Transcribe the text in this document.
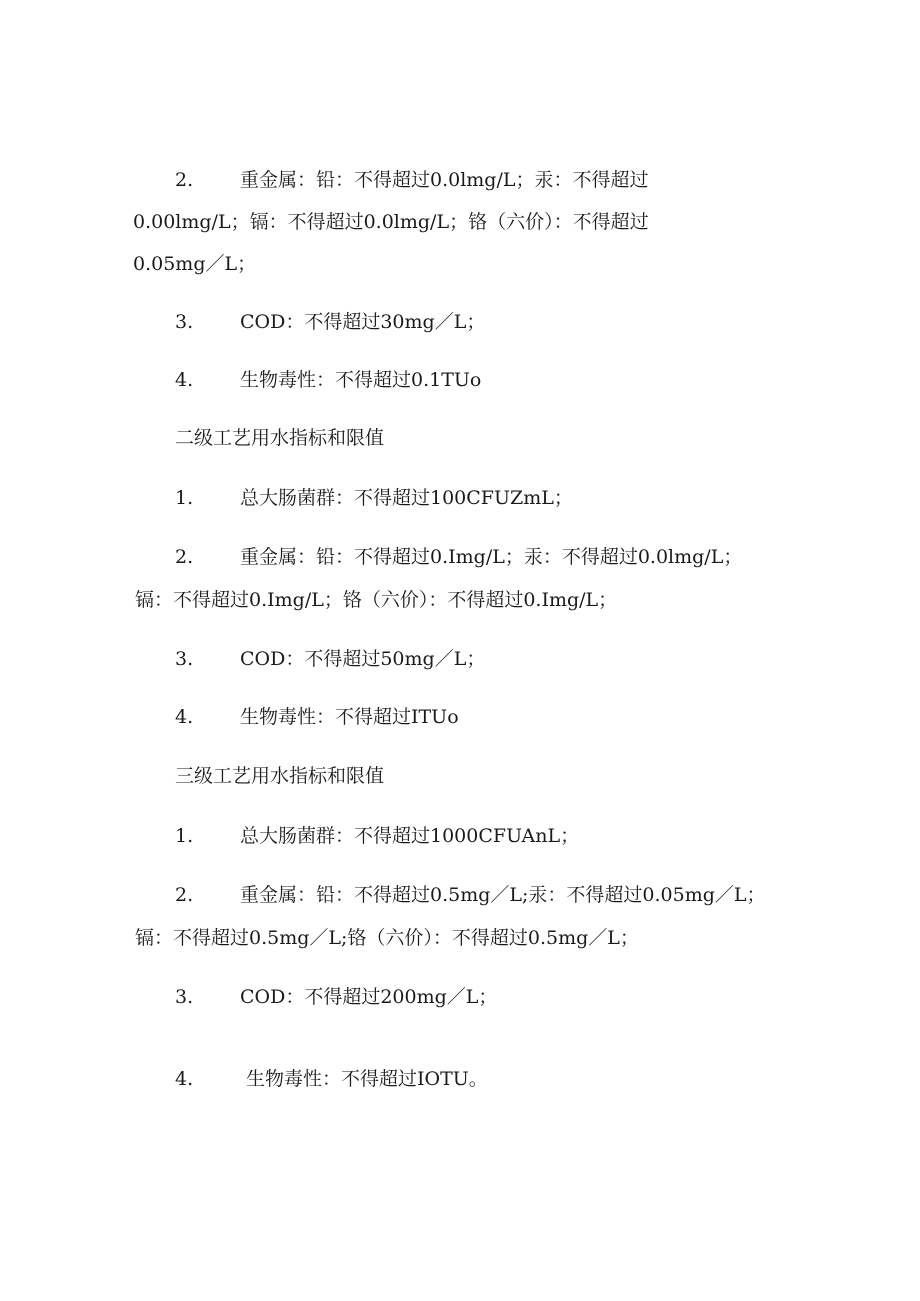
2. 重金属：铅：不得超过0.0lmg/L；汞：不得超过
0.00lmg/L；镉：不得超过0.0lmg/L；铬（六价）：不得超过
0.05mg／L；
3. COD：不得超过30mg／L；
4. 生物毒性：不得超过0.1TUo
二级工艺用水指标和限值
1. 总大肠菌群：不得超过100CFUZmL；
2. 重金属：铅：不得超过0.Img/L；汞：不得超过0.0lmg/L；
镉：不得超过0.Img/L；铬（六价）：不得超过0.Img/L；
3. COD：不得超过50mg／L；
4. 生物毒性：不得超过ITUo
三级工艺用水指标和限值
1. 总大肠菌群：不得超过1000CFUAnL；
2. 重金属：铅：不得超过0.5mg／L;汞：不得超过0.05mg／L；
镉：不得超过0.5mg／L;铬（六价）：不得超过0.5mg／L；
3. COD：不得超过200mg／L；
4.	生物毒性：不得超过IOTU。
